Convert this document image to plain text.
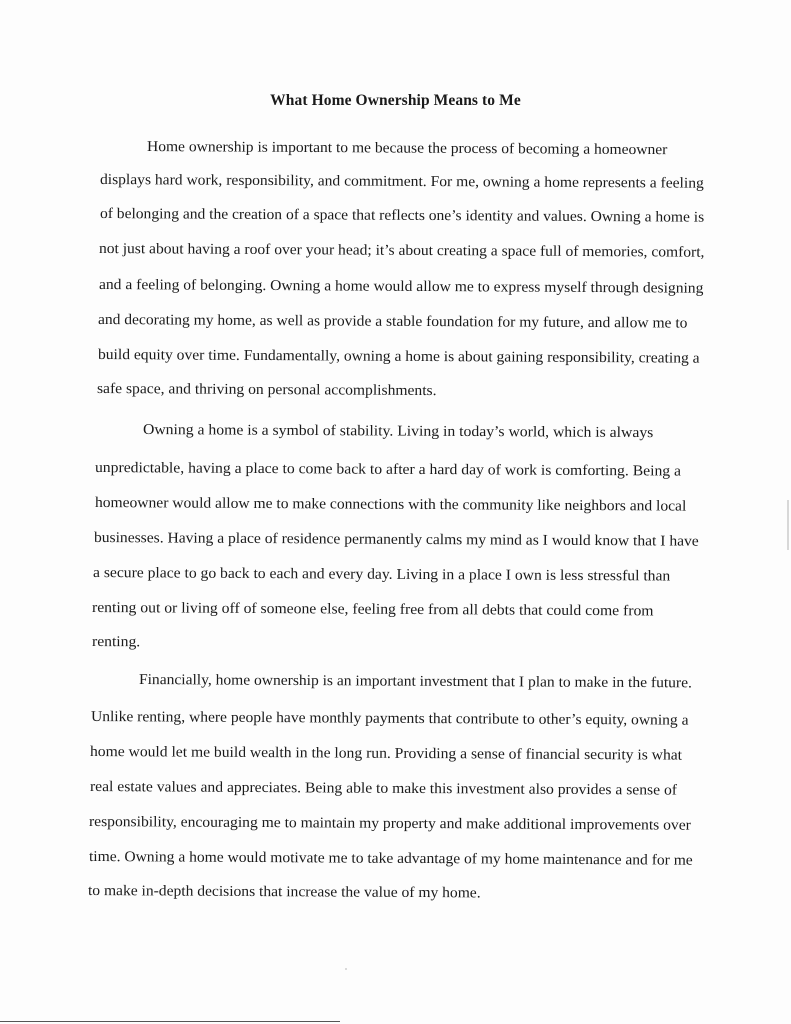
What Home Ownership Means to Me
Home ownership is important to me because the process of becoming a homeowner
displays hard work, responsibility, and commitment. For me, owning a home represents a feeling
of belonging and the creation of a space that reflects one’s identity and values. Owning a home is
not just about having a roof over your head; it’s about creating a space full of memories, comfort,
and a feeling of belonging. Owning a home would allow me to express myself through designing
and decorating my home, as well as provide a stable foundation for my future, and allow me to
build equity over time. Fundamentally, owning a home is about gaining responsibility, creating a
safe space, and thriving on personal accomplishments.
Owning a home is a symbol of stability. Living in today’s world, which is always
unpredictable, having a place to come back to after a hard day of work is comforting. Being a
homeowner would allow me to make connections with the community like neighbors and local
businesses. Having a place of residence permanently calms my mind as I would know that I have
a secure place to go back to each and every day. Living in a place I own is less stressful than
renting out or living off of someone else, feeling free from all debts that could come from
renting.
Financially, home ownership is an important investment that I plan to make in the future.
Unlike renting, where people have monthly payments that contribute to other’s equity, owning a
home would let me build wealth in the long run. Providing a sense of financial security is what
real estate values and appreciates. Being able to make this investment also provides a sense of
responsibility, encouraging me to maintain my property and make additional improvements over
time. Owning a home would motivate me to take advantage of my home maintenance and for me
to make in-depth decisions that increase the value of my home.
